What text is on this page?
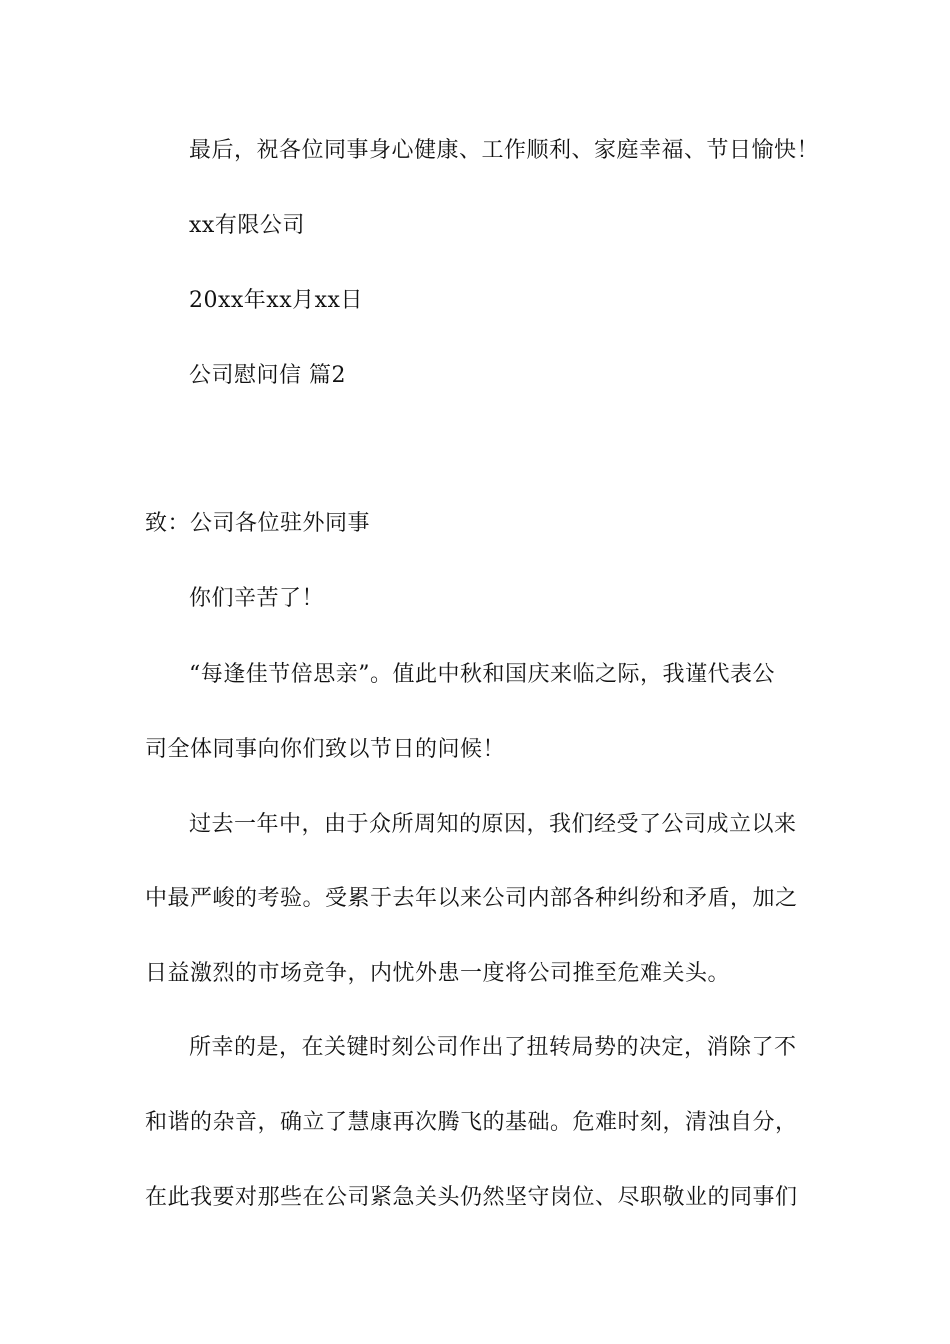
最后，祝各位同事身心健康、工作顺利、家庭幸福、节日愉快！
xx有限公司
20xx年xx月xx日
公司慰问信 篇2
致：公司各位驻外同事
你们辛苦了！
“每逢佳节倍思亲”。值此中秋和国庆来临之际，我谨代表公
司全体同事向你们致以节日的问候！
过去一年中，由于众所周知的原因，我们经受了公司成立以来
中最严峻的考验。受累于去年以来公司内部各种纠纷和矛盾，加之
日益激烈的市场竞争，内忧外患一度将公司推至危难关头。
所幸的是，在关键时刻公司作出了扭转局势的决定，消除了不
和谐的杂音，确立了慧康再次腾飞的基础。危难时刻，清浊自分，
在此我要对那些在公司紧急关头仍然坚守岗位、尽职敬业的同事们
